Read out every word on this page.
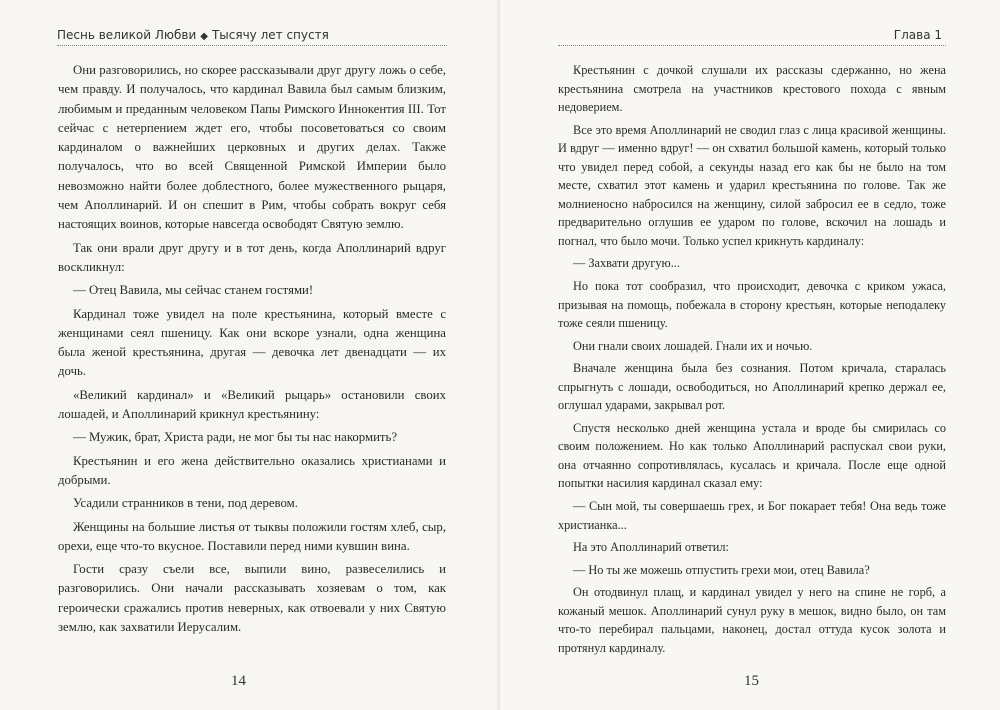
Песнь великой Любви ◆ Тысячу лет спустя

Они разговорились, но скорее рассказывали друг другу ложь о себе, чем правду. И получалось, что кардинал Вавила был самым близким, любимым и преданным человеком Папы Римского Иннокентия III. Тот сейчас с нетерпением ждет его, чтобы посоветоваться со своим кардиналом о важнейших церковных и других делах. Также получалось, что во всей Священной Римской Империи было невозможно найти более доблестного, более мужественного рыцаря, чем Аполлинарий. И он спешит в Рим, чтобы собрать вокруг себя настоящих воинов, которые навсегда освободят Святую землю.

Так они врали друг другу и в тот день, когда Аполлинарий вдруг воскликнул:

— Отец Вавила, мы сейчас станем гостями!

Кардинал тоже увидел на поле крестьянина, который вместе с женщинами сеял пшеницу. Как они вскоре узнали, одна женщина была женой крестьянина, другая — девочка лет двенадцати — их дочь.

«Великий кардинал» и «Великий рыцарь» остановили своих лошадей, и Аполлинарий крикнул крестьянину:

— Мужик, брат, Христа ради, не мог бы ты нас накормить?

Крестьянин и его жена действительно оказались христианами и добрыми.

Усадили странников в тени, под деревом.

Женщины на большие листья от тыквы положили гостям хлеб, сыр, орехи, еще что-то вкусное. Поставили перед ними кувшин вина.

Гости сразу съели все, выпили вино, развеселились и разговорились. Они начали рассказывать хозяевам о том, как героически сражались против неверных, как отвоевали у них Святую землю, как захватили Иерусалим.

14
Глава 1

Крестьянин с дочкой слушали их рассказы сдержанно, но жена крестьянина смотрела на участников крестового похода с явным недоверием.

Все это время Аполлинарий не сводил глаз с лица красивой женщины. И вдруг — именно вдруг! — он схватил большой камень, который только что увидел перед собой, а секунды назад его как бы не было на том месте, схватил этот камень и ударил крестьянина по голове. Так же молниеносно набросился на женщину, силой забросил ее в седло, тоже предварительно оглушив ее ударом по голове, вскочил на лошадь и погнал, что было мочи. Только успел крикнуть кардиналу:

— Захвати другую...

Но пока тот сообразил, что происходит, девочка с криком ужаса, призывая на помощь, побежала в сторону крестьян, которые неподалеку тоже сеяли пшеницу.

Они гнали своих лошадей. Гнали их и ночью.

Вначале женщина была без сознания. Потом кричала, старалась спрыгнуть с лошади, освободиться, но Аполлинарий крепко держал ее, оглушал ударами, закрывал рот.

Спустя несколько дней женщина устала и вроде бы смирилась со своим положением. Но как только Аполлинарий распускал свои руки, она отчаянно сопротивлялась, кусалась и кричала. После еще одной попытки насилия кардинал сказал ему:

— Сын мой, ты совершаешь грех, и Бог покарает тебя! Она ведь тоже христианка...

На это Аполлинарий ответил:

— Но ты же можешь отпустить грехи мои, отец Вавила?

Он отодвинул плащ, и кардинал увидел у него на спине не горб, а кожаный мешок. Аполлинарий сунул руку в мешок, видно было, он там что-то перебирал пальцами, наконец, достал оттуда кусок золота и протянул кардиналу.

15
